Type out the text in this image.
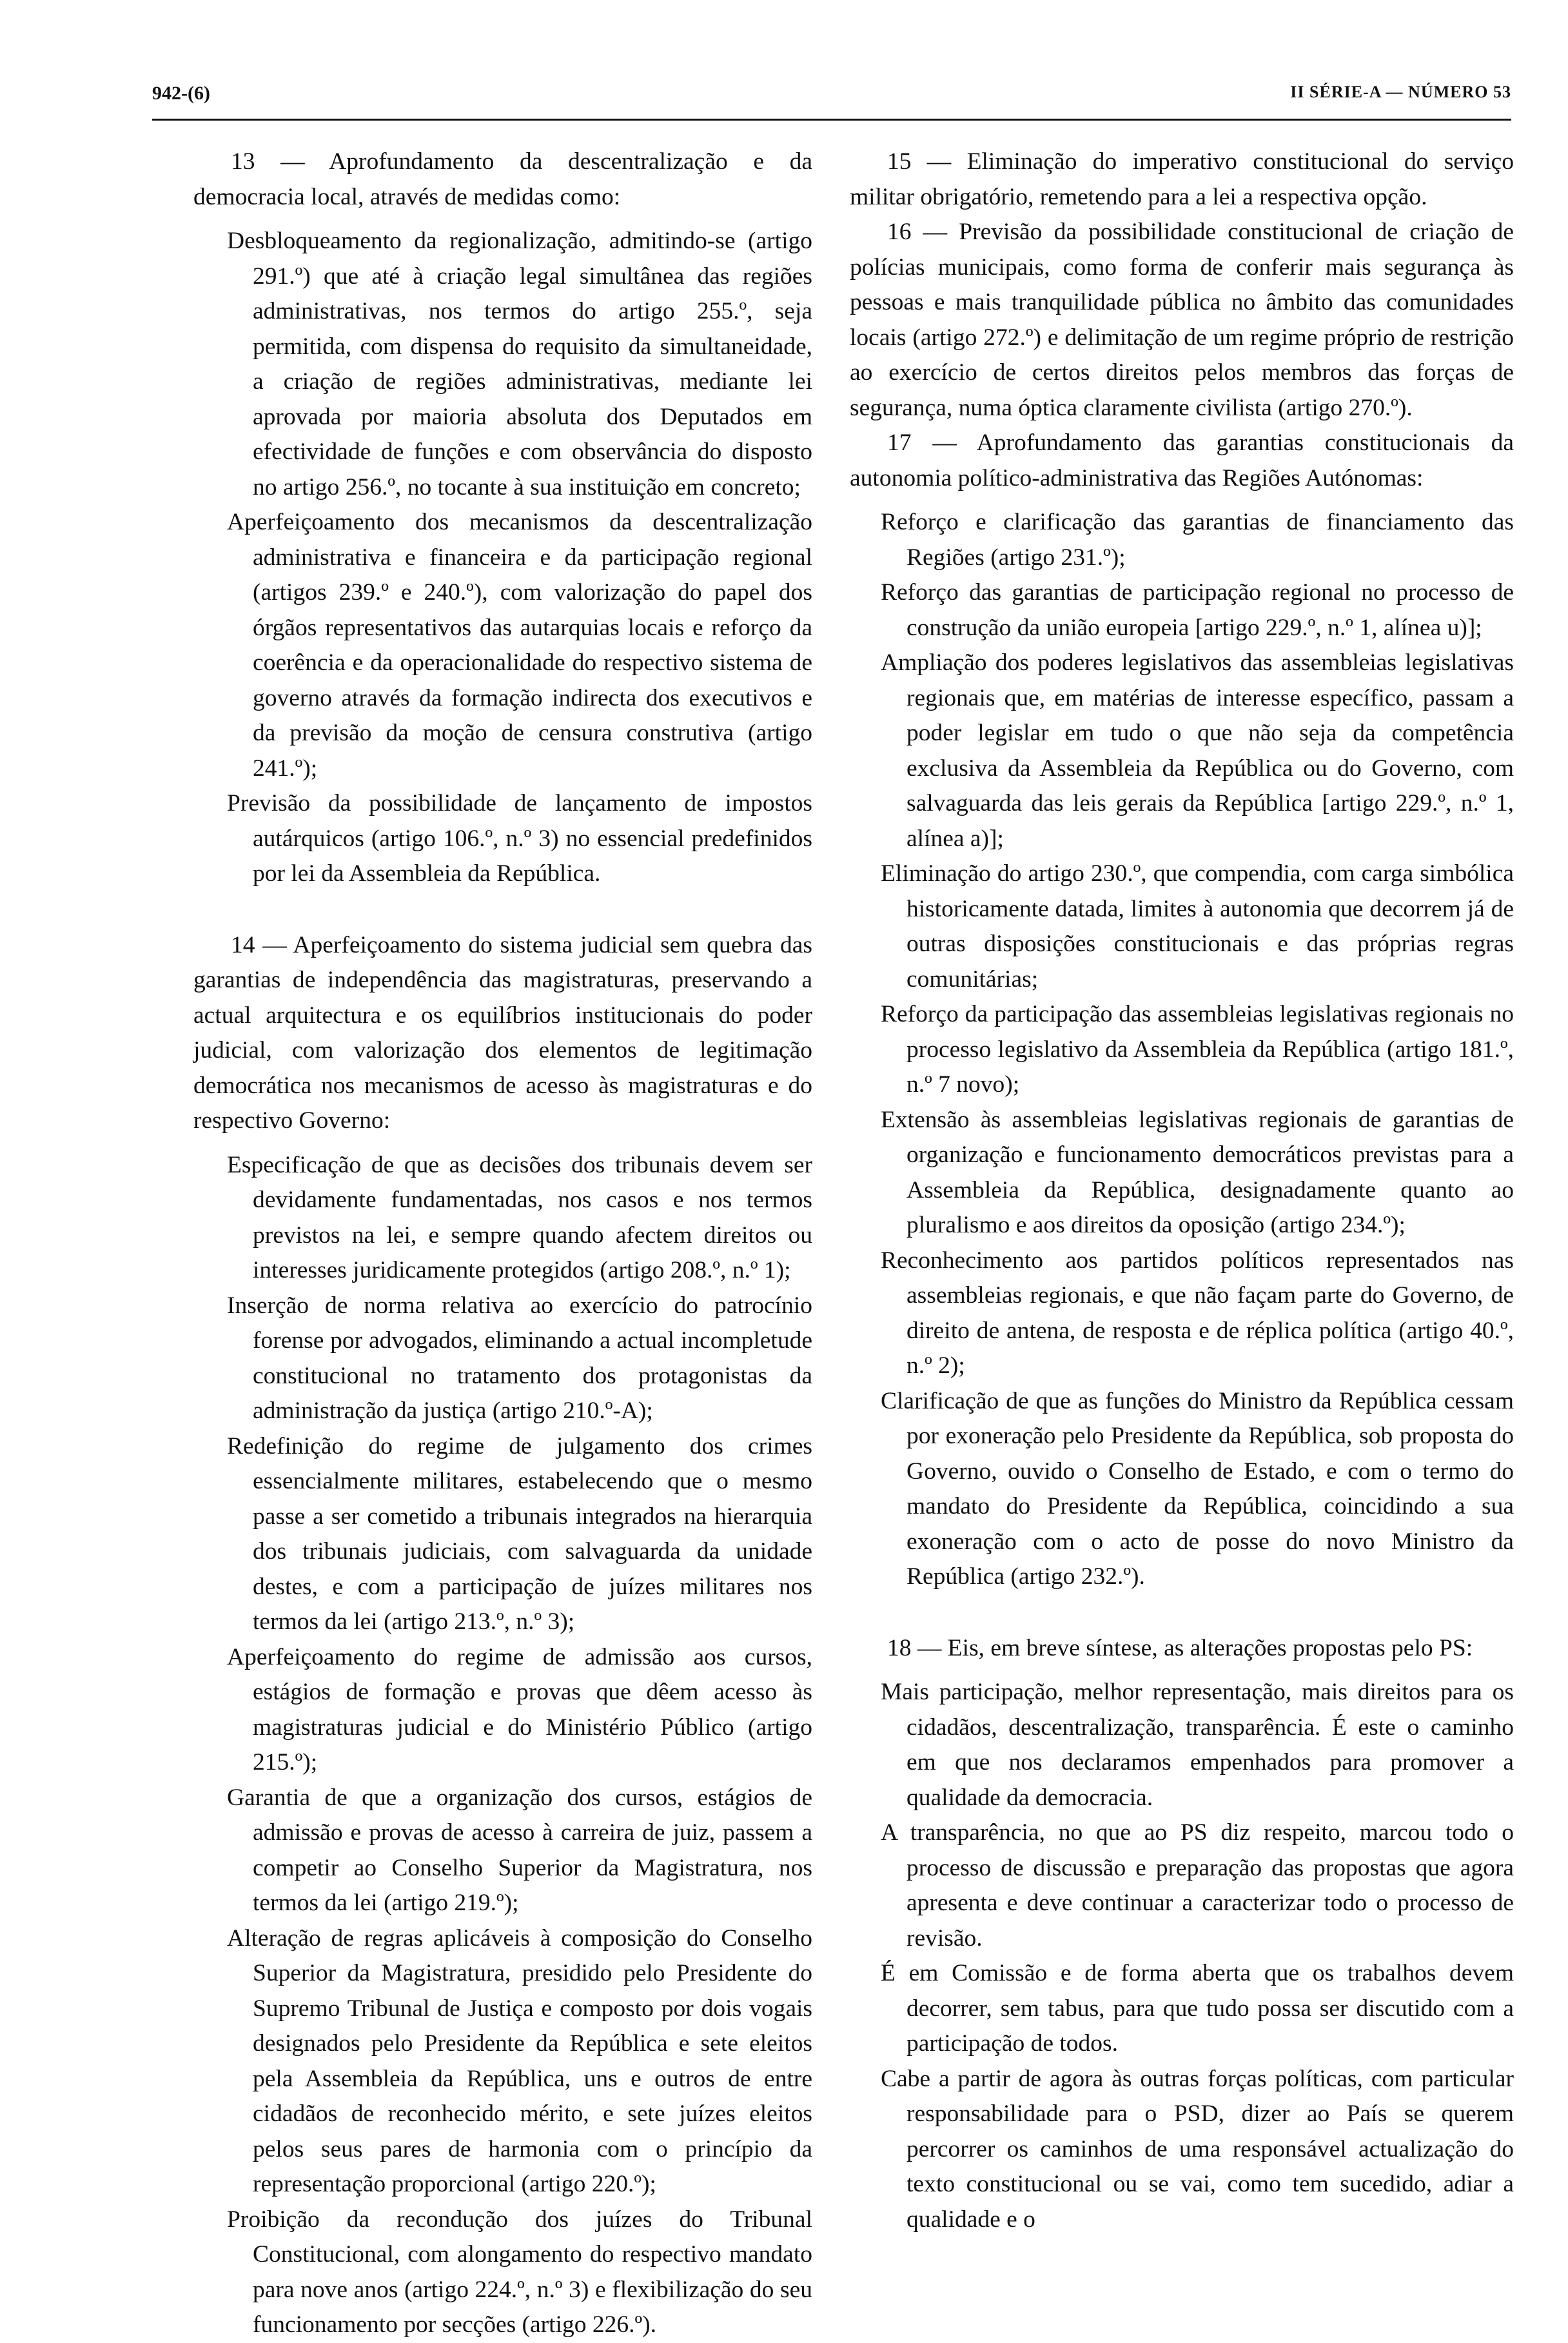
942-(6)	II SÉRIE-A — NÚMERO 53

13 — Aprofundamento da descentralização e da democracia local, através de medidas como:

Desbloqueamento da regionalização, admitindo-se (artigo 291.º) que até à criação legal simultânea das regiões administrativas, nos termos do artigo 255.º, seja permitida, com dispensa do requisito da simultaneidade, a criação de regiões administrativas, mediante lei aprovada por maioria absoluta dos Deputados em efectividade de funções e com observância do disposto no artigo 256.º, no tocante à sua instituição em concreto;

Aperfeiçoamento dos mecanismos da descentralização administrativa e financeira e da participação regional (artigos 239.º e 240.º), com valorização do papel dos órgãos representativos das autarquias locais e reforço da coerência e da operacionalidade do respectivo sistema de governo através da formação indirecta dos executivos e da previsão da moção de censura construtiva (artigo 241.º);

Previsão da possibilidade de lançamento de impostos autárquicos (artigo 106.º, n.º 3) no essencial predefinidos por lei da Assembleia da República.

14 — Aperfeiçoamento do sistema judicial sem quebra das garantias de independência das magistraturas, preservando a actual arquitectura e os equilíbrios institucionais do poder judicial, com valorização dos elementos de legitimação democrática nos mecanismos de acesso às magistraturas e do respectivo Governo:

Especificação de que as decisões dos tribunais devem ser devidamente fundamentadas, nos casos e nos termos previstos na lei, e sempre quando afectem direitos ou interesses juridicamente protegidos (artigo 208.º, n.º 1);

Inserção de norma relativa ao exercício do patrocínio forense por advogados, eliminando a actual incompletude constitucional no tratamento dos protagonistas da administração da justiça (artigo 210.º-A);

Redefinição do regime de julgamento dos crimes essencialmente militares, estabelecendo que o mesmo passe a ser cometido a tribunais integrados na hierarquia dos tribunais judiciais, com salvaguarda da unidade destes, e com a participação de juízes militares nos termos da lei (artigo 213.º, n.º 3);

Aperfeiçoamento do regime de admissão aos cursos, estágios de formação e provas que dêem acesso às magistraturas judicial e do Ministério Público (artigo 215.º);

Garantia de que a organização dos cursos, estágios de admissão e provas de acesso à carreira de juiz, passem a competir ao Conselho Superior da Magistratura, nos termos da lei (artigo 219.º);

Alteração de regras aplicáveis à composição do Conselho Superior da Magistratura, presidido pelo Presidente do Supremo Tribunal de Justiça e composto por dois vogais designados pelo Presidente da República e sete eleitos pela Assembleia da República, uns e outros de entre cidadãos de reconhecido mérito, e sete juízes eleitos pelos seus pares de harmonia com o princípio da representação proporcional (artigo 220.º);

Proibição da recondução dos juízes do Tribunal Constitucional, com alongamento do respectivo mandato para nove anos (artigo 224.º, n.º 3) e flexibilização do seu funcionamento por secções (artigo 226.º).

15 — Eliminação do imperativo constitucional do serviço militar obrigatório, remetendo para a lei a respectiva opção.

16 — Previsão da possibilidade constitucional de criação de polícias municipais, como forma de conferir mais segurança às pessoas e mais tranquilidade pública no âmbito das comunidades locais (artigo 272.º) e delimitação de um regime próprio de restrição ao exercício de certos direitos pelos membros das forças de segurança, numa óptica claramente civilista (artigo 270.º).

17 — Aprofundamento das garantias constitucionais da autonomia político-administrativa das Regiões Autónomas:

Reforço e clarificação das garantias de financiamento das Regiões (artigo 231.º);

Reforço das garantias de participação regional no processo de construção da união europeia [artigo 229.º, n.º 1, alínea u)];

Ampliação dos poderes legislativos das assembleias legislativas regionais que, em matérias de interesse específico, passam a poder legislar em tudo o que não seja da competência exclusiva da Assembleia da República ou do Governo, com salvaguarda das leis gerais da República [artigo 229.º, n.º 1, alínea a)];

Eliminação do artigo 230.º, que compendia, com carga simbólica historicamente datada, limites à autonomia que decorrem já de outras disposições constitucionais e das próprias regras comunitárias;

Reforço da participação das assembleias legislativas regionais no processo legislativo da Assembleia da República (artigo 181.º, n.º 7 novo);

Extensão às assembleias legislativas regionais de garantias de organização e funcionamento democráticos previstas para a Assembleia da República, designadamente quanto ao pluralismo e aos direitos da oposição (artigo 234.º);

Reconhecimento aos partidos políticos representados nas assembleias regionais, e que não façam parte do Governo, de direito de antena, de resposta e de réplica política (artigo 40.º, n.º 2);

Clarificação de que as funções do Ministro da República cessam por exoneração pelo Presidente da República, sob proposta do Governo, ouvido o Conselho de Estado, e com o termo do mandato do Presidente da República, coincidindo a sua exoneração com o acto de posse do novo Ministro da República (artigo 232.º).

18 — Eis, em breve síntese, as alterações propostas pelo PS:

Mais participação, melhor representação, mais direitos para os cidadãos, descentralização, transparência. É este o caminho em que nos declaramos empenhados para promover a qualidade da democracia.

A transparência, no que ao PS diz respeito, marcou todo o processo de discussão e preparação das propostas que agora apresenta e deve continuar a caracterizar todo o processo de revisão.

É em Comissão e de forma aberta que os trabalhos devem decorrer, sem tabus, para que tudo possa ser discutido com a participação de todos.

Cabe a partir de agora às outras forças políticas, com particular responsabilidade para o PSD, dizer ao País se querem percorrer os caminhos de uma responsável actualização do texto constitucional ou se vai, como tem sucedido, adiar a qualidade e o
